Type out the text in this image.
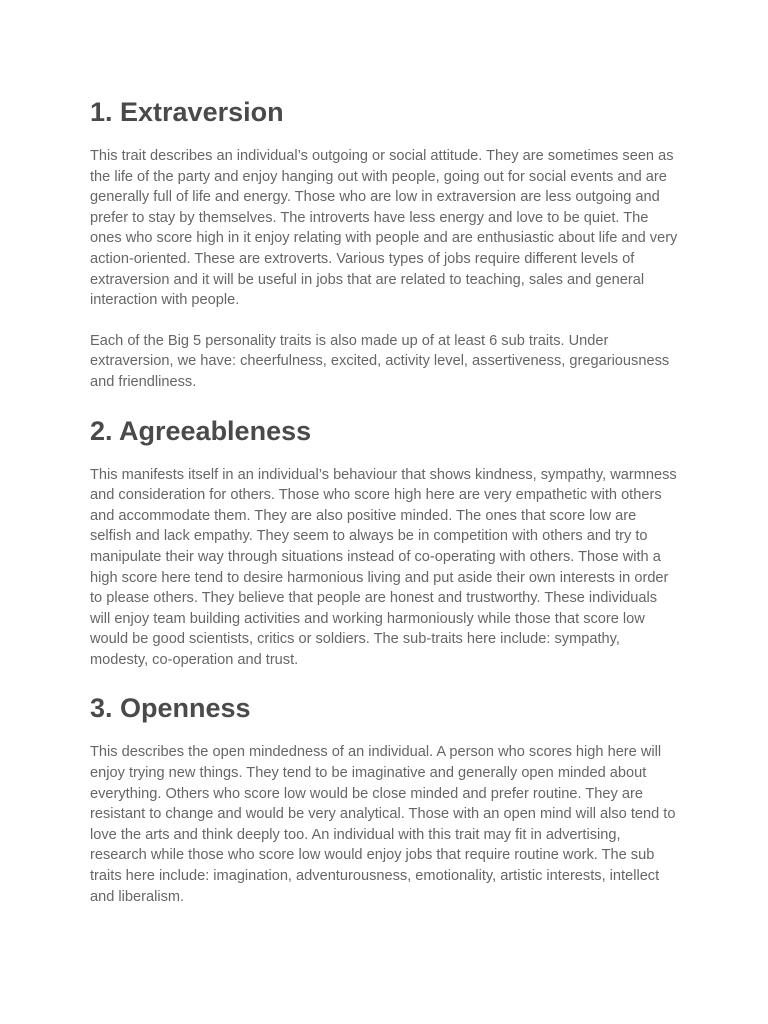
1. Extraversion

This trait describes an individual’s outgoing or social attitude. They are sometimes seen as the life of the party and enjoy hanging out with people, going out for social events and are generally full of life and energy. Those who are low in extraversion are less outgoing and prefer to stay by themselves. The introverts have less energy and love to be quiet. The ones who score high in it enjoy relating with people and are enthusiastic about life and very action-oriented. These are extroverts. Various types of jobs require different levels of extraversion and it will be useful in jobs that are related to teaching, sales and general interaction with people.

Each of the Big 5 personality traits is also made up of at least 6 sub traits. Under extraversion, we have: cheerfulness, excited, activity level, assertiveness, gregariousness and friendliness.

2. Agreeableness

This manifests itself in an individual’s behaviour that shows kindness, sympathy, warmness and consideration for others. Those who score high here are very empathetic with others and accommodate them. They are also positive minded. The ones that score low are selfish and lack empathy. They seem to always be in competition with others and try to manipulate their way through situations instead of co-operating with others. Those with a high score here tend to desire harmonious living and put aside their own interests in order to please others. They believe that people are honest and trustworthy. These individuals will enjoy team building activities and working harmoniously while those that score low would be good scientists, critics or soldiers. The sub-traits here include: sympathy, modesty, co-operation and trust.

3. Openness

This describes the open mindedness of an individual. A person who scores high here will enjoy trying new things. They tend to be imaginative and generally open minded about everything. Others who score low would be close minded and prefer routine. They are resistant to change and would be very analytical. Those with an open mind will also tend to love the arts and think deeply too. An individual with this trait may fit in advertising, research while those who score low would enjoy jobs that require routine work. The sub traits here include: imagination, adventurousness, emotionality, artistic interests, intellect and liberalism.
